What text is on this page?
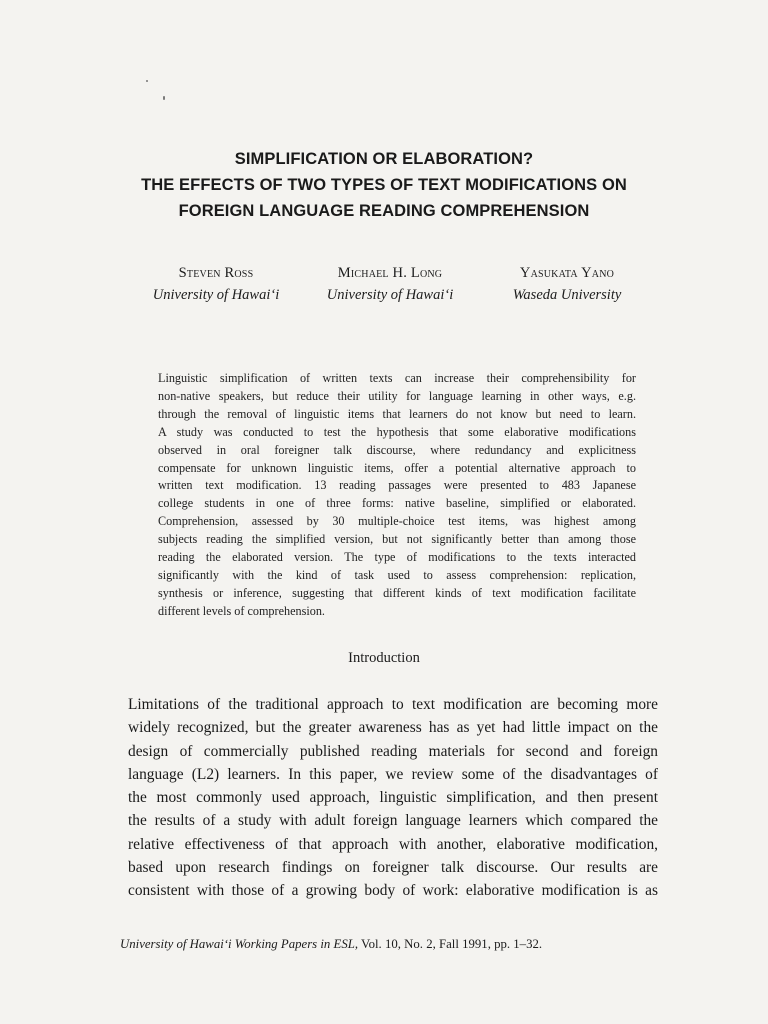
SIMPLIFICATION OR ELABORATION?
THE EFFECTS OF TWO TYPES OF TEXT MODIFICATIONS ON
FOREIGN LANGUAGE READING COMPREHENSION
Steven Ross
University of Hawai‘i
Michael H. Long
University of Hawai‘i
Yasukata Yano
Waseda University
Linguistic simplification of written texts can increase their comprehensibility for
non-native speakers, but reduce their utility for language learning in other ways, e.g.
through the removal of linguistic items that learners do not know but need to learn.
A study was conducted to test the hypothesis that some elaborative modifications
observed in oral foreigner talk discourse, where redundancy and explicitness
compensate for unknown linguistic items, offer a potential alternative approach to
written text modification. 13 reading passages were presented to 483 Japanese
college students in one of three forms: native baseline, simplified or elaborated.
Comprehension, assessed by 30 multiple-choice test items, was highest among
subjects reading the simplified version, but not significantly better than among those
reading the elaborated version. The type of modifications to the texts interacted
significantly with the kind of task used to assess comprehension: replication,
synthesis or inference, suggesting that different kinds of text modification facilitate
different levels of comprehension.
Introduction
Limitations of the traditional approach to text modification are becoming more
widely recognized, but the greater awareness has as yet had little impact on the
design of commercially published reading materials for second and foreign
language (L2) learners. In this paper, we review some of the disadvantages of
the most commonly used approach, linguistic simplification, and then present
the results of a study with adult foreign language learners which compared the
relative effectiveness of that approach with another, elaborative modification,
based upon research findings on foreigner talk discourse. Our results are
consistent with those of a growing body of work: elaborative modification is as
University of Hawai‘i Working Papers in ESL, Vol. 10, No. 2, Fall 1991, pp. 1–32.
